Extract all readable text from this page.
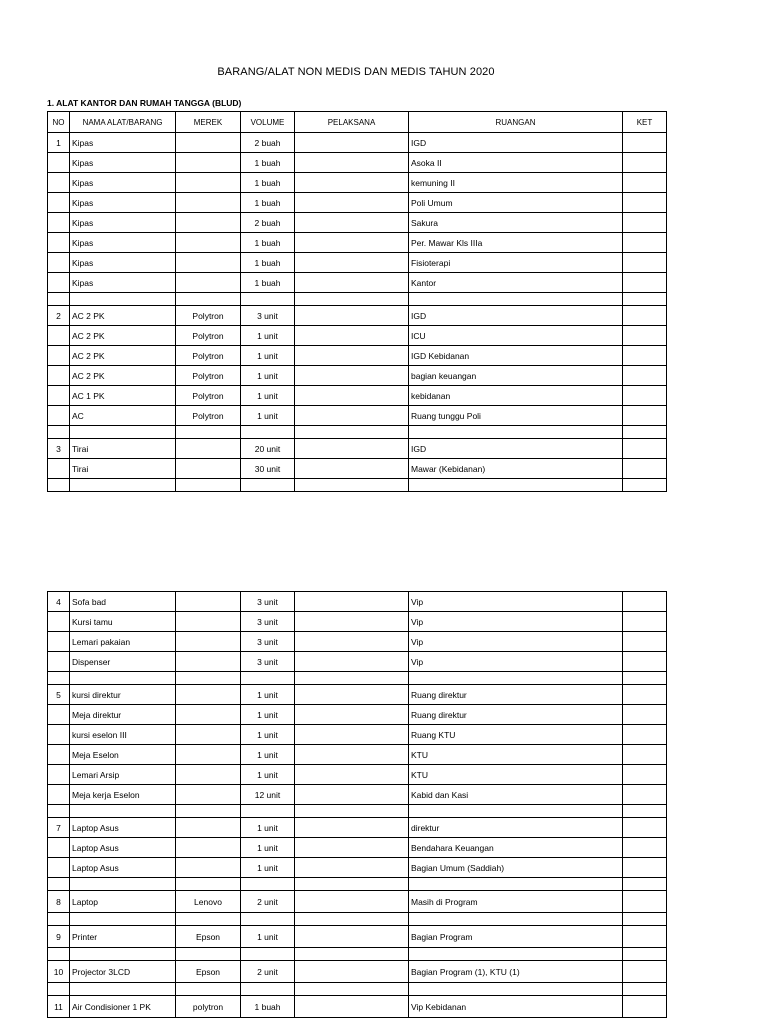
BARANG/ALAT NON MEDIS DAN MEDIS TAHUN 2020
1. ALAT KANTOR DAN RUMAH TANGGA (BLUD)
NO	NAMA ALAT/BARANG	MEREK	VOLUME	PELAKSANA	RUANGAN	KET
1	Kipas		2 buah		IGD	
	Kipas		1 buah		Asoka II	
	Kipas		1 buah		kemuning II	
	Kipas		1 buah		Poli Umum	
	Kipas		2 buah		Sakura	
	Kipas		1 buah		Per. Mawar Kls IIIa	
	Kipas		1 buah		Fisioterapi	
	Kipas		1 buah		Kantor	

2	AC 2 PK	Polytron	3 unit		IGD	
	AC 2 PK	Polytron	1 unit		ICU	
	AC 2 PK	Polytron	1 unit		IGD Kebidanan	
	AC 2 PK	Polytron	1 unit		bagian keuangan	
	AC 1 PK	Polytron	1 unit		kebidanan	
	AC	Polytron	1 unit		Ruang tunggu Poli	

3	Tirai		20 unit		IGD	
	Tirai		30 unit		Mawar (Kebidanan)	

4	Sofa bad		3 unit		Vip	
	Kursi tamu		3 unit		Vip	
	Lemari pakaian		3 unit		Vip	
	Dispenser		3 unit		Vip	

5	kursi direktur		1 unit		Ruang direktur	
	Meja direktur		1 unit		Ruang direktur	
	kursi eselon III		1 unit		Ruang KTU	
	Meja Eselon		1 unit		KTU	
	Lemari Arsip		1 unit		KTU	
	Meja kerja Eselon		12 unit		Kabid dan Kasi	

7	Laptop Asus		1 unit		direktur	
	Laptop Asus		1 unit		Bendahara Keuangan	
	Laptop Asus		1 unit		Bagian Umum (Saddiah)	

8	Laptop	Lenovo	2 unit		Masih di Program	

9	Printer	Epson	1 unit		Bagian Program	

10	Projector 3LCD	Epson	2 unit		Bagian Program (1), KTU (1)	

11	Air Condisioner 1 PK	polytron	1 buah		Vip Kebidanan	
